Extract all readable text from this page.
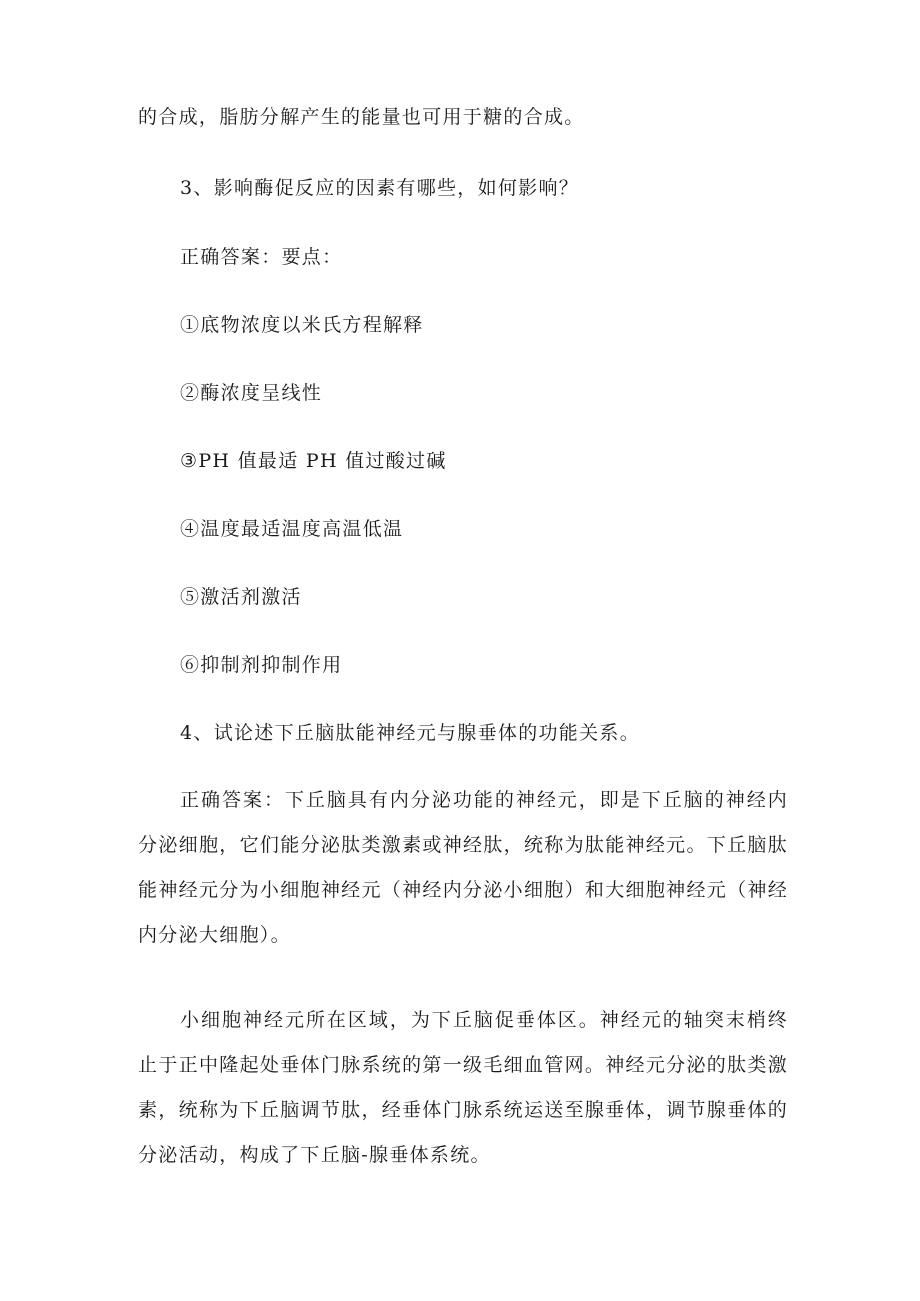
的合成，脂肪分解产生的能量也可用于糖的合成。
3、影响酶促反应的因素有哪些，如何影响？
正确答案：要点：
①底物浓度以米氏方程解释
②酶浓度呈线性
③PH 值最适 PH 值过酸过碱
④温度最适温度高温低温
⑤激活剂激活
⑥抑制剂抑制作用
4、试论述下丘脑肽能神经元与腺垂体的功能关系。

正确答案：下丘脑具有内分泌功能的神经元，即是下丘脑的神经内分泌细胞，它们能分泌肽类激素或神经肽，统称为肽能神经元。下丘脑肽能神经元分为小细胞神经元（神经内分泌小细胞）和大细胞神经元（神经内分泌大细胞）。

小细胞神经元所在区域，为下丘脑促垂体区。神经元的轴突末梢终止于正中隆起处垂体门脉系统的第一级毛细血管网。神经元分泌的肽类激素，统称为下丘脑调节肽，经垂体门脉系统运送至腺垂体，调节腺垂体的分泌活动，构成了下丘脑-腺垂体系统。
